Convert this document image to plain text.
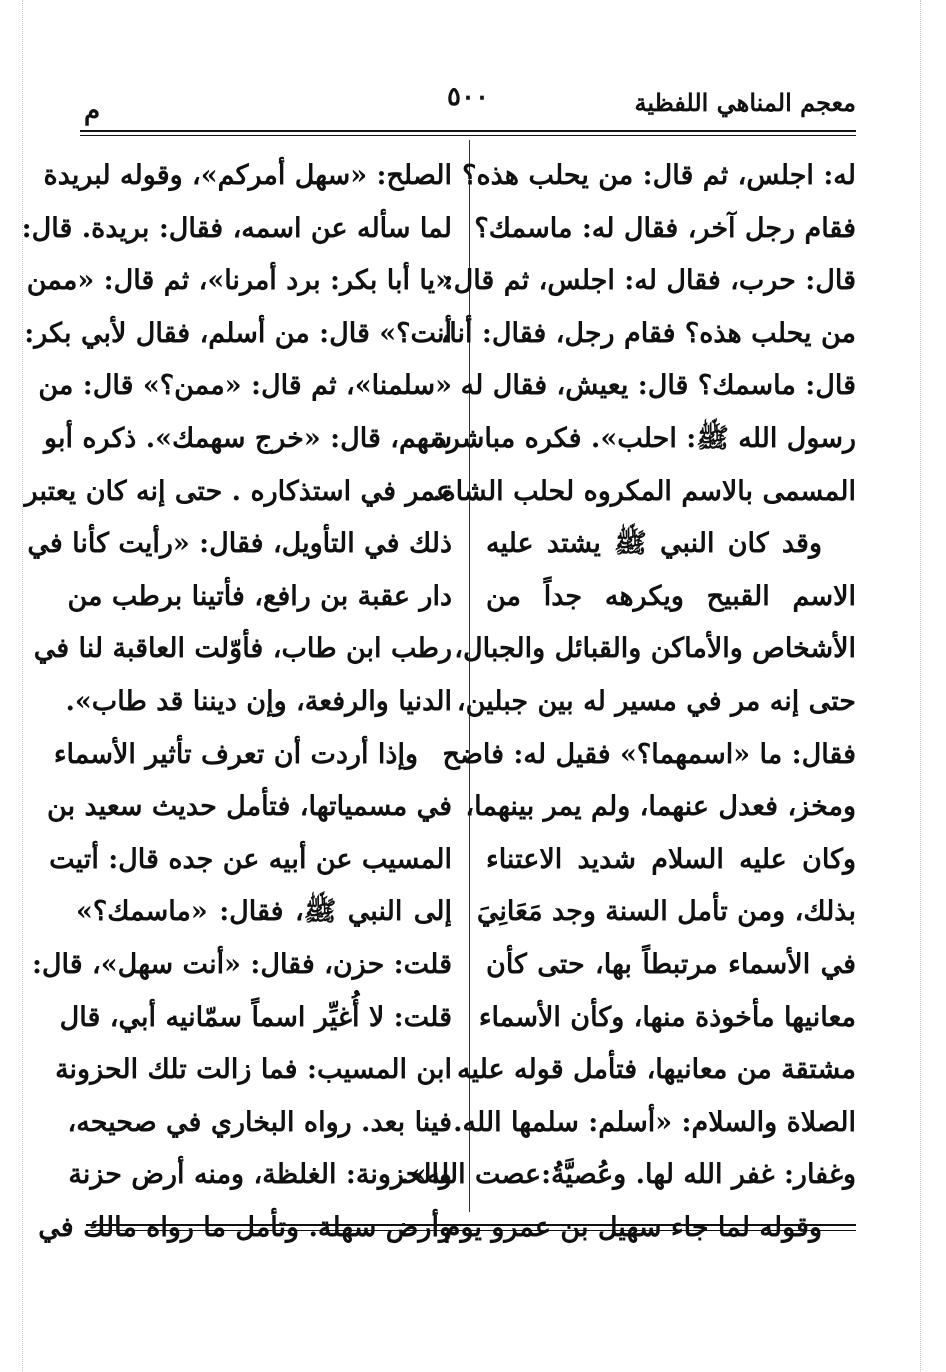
معجم المناهي اللفظية
٥٠٠
م
له: اجلس، ثم قال: من يحلب هذه؟
فقام رجل آخر، فقال له: ماسمك؟
قال: حرب، فقال له: اجلس، ثم قال:
من يحلب هذه؟ فقام رجل، فقال: أنا،
قال: ماسمك؟ قال: يعيش، فقال له
رسول الله ﷺ: احلب». فكره مباشرة
المسمى بالاسم المكروه لحلب الشاة.
وقد كان النبي ﷺ يشتد عليه
الاسم القبيح ويكرهه جداً من
الأشخاص والأماكن والقبائل والجبال،
حتى إنه مر في مسير له بين جبلين،
فقال: ما «اسمهما؟» فقيل له: فاضح
ومخز، فعدل عنهما، ولم يمر بينهما،
وكان عليه السلام شديد الاعتناء
بذلك، ومن تأمل السنة وجد مَعَانِيَ
في الأسماء مرتبطاً بها، حتى كأن
معانيها مأخوذة منها، وكأن الأسماء
مشتقة من معانيها، فتأمل قوله عليه
الصلاة والسلام: «أسلم: سلمها الله.
وغفار: غفر الله لها. وعُصيَّةُ:عصت الله».
وقوله لما جاء سهيل بن عمرو يوم
الصلح: «سهل أمركم»، وقوله لبريدة
لما سأله عن اسمه، فقال: بريدة. قال:
«يا أبا بكر: برد أمرنا»، ثم قال: «ممن
أنت؟» قال: من أسلم، فقال لأبي بكر:
«سلمنا»، ثم قال: «ممن؟» قال: من
سهم، قال: «خرج سهمك». ذكره أبو
عمر في استذكاره . حتى إنه كان يعتبر
ذلك في التأويل، فقال: «رأيت كأنا في
دار عقبة بن رافع، فأتينا برطب من
رطب ابن طاب، فأوّلت العاقبة لنا في
الدنيا والرفعة، وإن ديننا قد طاب».
وإذا أردت أن تعرف تأثير الأسماء
في مسمياتها، فتأمل حديث سعيد بن
المسيب عن أبيه عن جده قال: أتيت
إلى النبي ﷺ، فقال: «ماسمك؟»
قلت: حزن، فقال: «أنت سهل»، قال:
قلت: لا أُغيِّر اسماً سمّانيه أبي، قال
ابن المسيب: فما زالت تلك الحزونة
فينا بعد. رواه البخاري في صحيحه،
والحزونة: الغلظة، ومنه أرض حزنة
وأرض سهلة. وتأمل ما رواه مالك في
